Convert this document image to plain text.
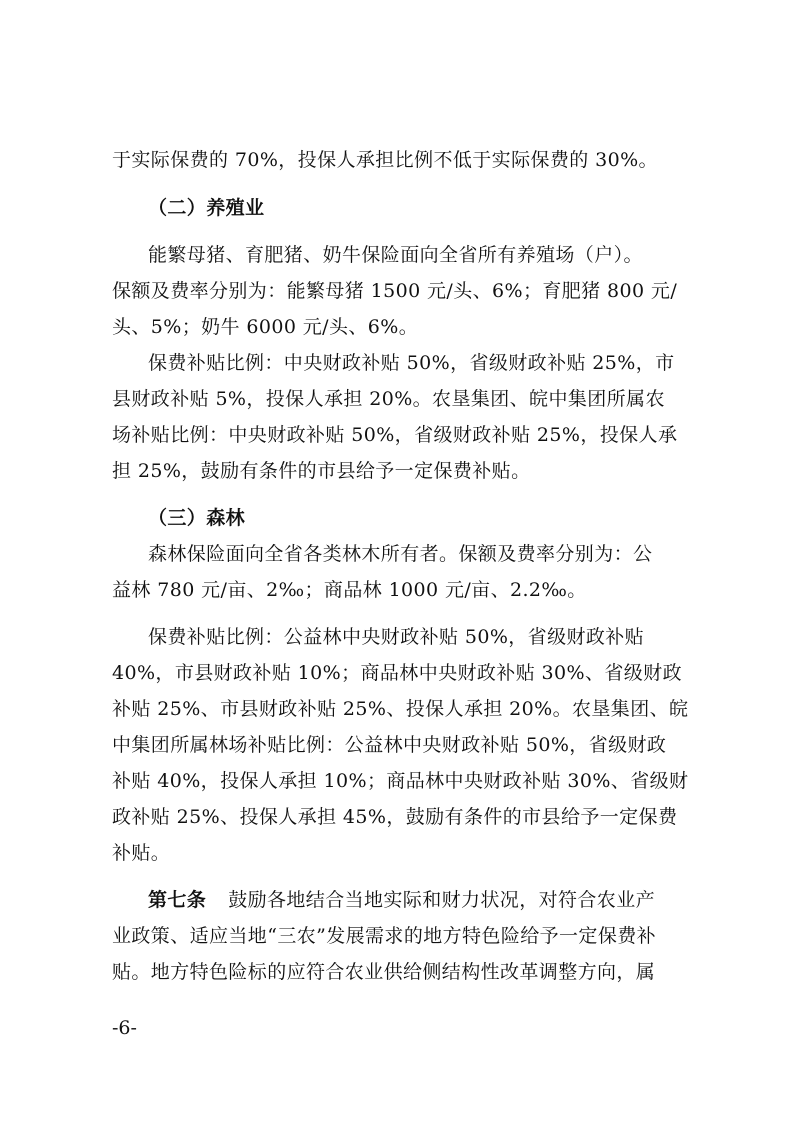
于实际保费的 70%，投保人承担比例不低于实际保费的 30%。
（二）养殖业
能繁母猪、育肥猪、奶牛保险面向全省所有养殖场（户）。
保额及费率分别为：能繁母猪 1500 元/头、6%；育肥猪 800 元/
头、5%；奶牛 6000 元/头、6%。
保费补贴比例：中央财政补贴 50%，省级财政补贴 25%，市
县财政补贴 5%，投保人承担 20%。农垦集团、皖中集团所属农
场补贴比例：中央财政补贴 50%，省级财政补贴 25%，投保人承
担 25%，鼓励有条件的市县给予一定保费补贴。
（三）森林
森林保险面向全省各类林木所有者。保额及费率分别为：公
益林 780 元/亩、2‰；商品林 1000 元/亩、2.2‰。
保费补贴比例：公益林中央财政补贴 50%，省级财政补贴
40%，市县财政补贴 10%；商品林中央财政补贴 30%、省级财政
补贴 25%、市县财政补贴 25%、投保人承担 20%。农垦集团、皖
中集团所属林场补贴比例：公益林中央财政补贴 50%，省级财政
补贴 40%，投保人承担 10%；商品林中央财政补贴 30%、省级财
政补贴 25%、投保人承担 45%，鼓励有条件的市县给予一定保费
补贴。
第七条 鼓励各地结合当地实际和财力状况，对符合农业产
业政策、适应当地“三农”发展需求的地方特色险给予一定保费补
贴。地方特色险标的应符合农业供给侧结构性改革调整方向，属
-6-
